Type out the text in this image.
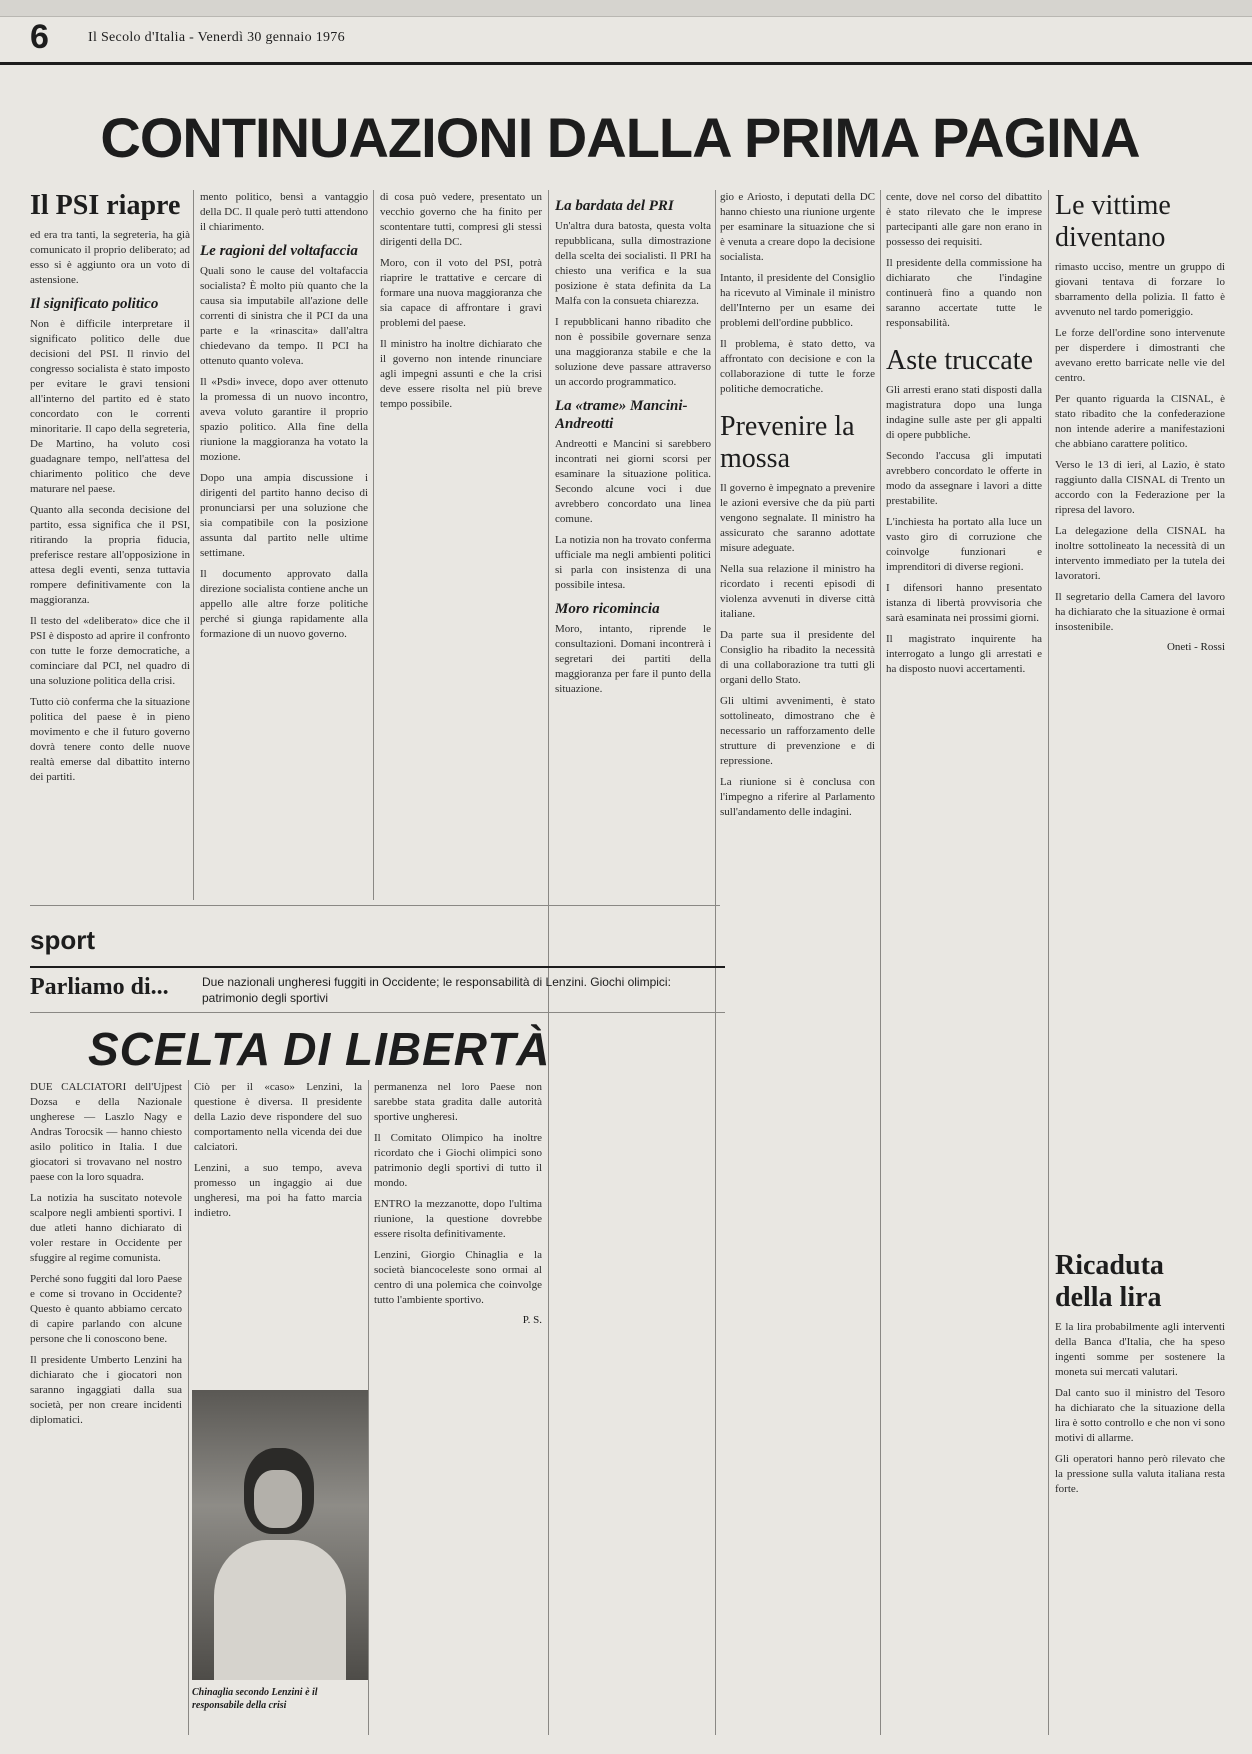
6	Il Secolo d'Italia - Venerdì 30 gennaio 1976
CONTINUAZIONI DALLA PRIMA PAGINA
Il PSI riapre

ed era tra tanti, la segreteria, ha già comunicato il proprio deliberato; ad esso si è aggiunto ora un voto di astensione.

Il significato politico

Non è difficile interpretare il significato politico delle due decisioni del PSI. Il rinvio del congresso socialista è stato imposto per evitare le gravi tensioni all'interno del partito ed è stato concordato con le correnti minoritarie. Il capo della segreteria, De Martino, ha voluto così guadagnare tempo, nell'attesa del chiarimento politico che deve maturare nel paese.

Quanto alla seconda decisione del partito, essa significa che il PSI, ritirando la propria fiducia, preferisce restare all'opposizione in attesa degli eventi, senza tuttavia rompere definitivamente con la maggioranza.

Il testo del «deliberato» dice che il PSI è disposto ad aprire il confronto con tutte le forze democratiche, a cominciare dal PCI, nel quadro di una soluzione politica della crisi.

Tutto ciò conferma che la situazione politica del paese è in pieno movimento e che il futuro governo dovrà tenere conto delle nuove realtà emerse dal dibattito interno dei partiti.

mento politico, bensì a vantaggio della DC. Il quale però tutti attendono il chiarimento.

Le ragioni del voltafaccia

Quali sono le cause del voltafaccia socialista? È molto più quanto che la causa sia imputabile all'azione delle correnti di sinistra che il PCI da una parte e la «rinascita» dall'altra chiedevano da tempo. Il PCI ha ottenuto quanto voleva.

Il «Psdi» invece, dopo aver ottenuto la promessa di un nuovo incontro, aveva voluto garantire il proprio spazio politico. Alla fine della riunione la maggioranza ha votato la mozione.

Dopo una ampia discussione i dirigenti del partito hanno deciso di pronunciarsi per una soluzione che sia compatibile con la posizione assunta dal partito nelle ultime settimane.

Il documento approvato dalla direzione socialista contiene anche un appello alle altre forze politiche perché si giunga rapidamente alla formazione di un nuovo governo.

di cosa può vedere, presentato un vecchio governo che ha finito per scontentare tutti, compresi gli stessi dirigenti della DC.

Moro, con il voto del PSI, potrà riaprire le trattative e cercare di formare una nuova maggioranza che sia capace di affrontare i gravi problemi del paese.

Il ministro ha inoltre dichiarato che il governo non intende rinunciare agli impegni assunti e che la crisi deve essere risolta nel più breve tempo possibile.

La bardata del PRI

Un'altra dura batosta, questa volta repubblicana, sulla dimostrazione della scelta dei socialisti. Il PRI ha chiesto una verifica e la sua posizione è stata definita da La Malfa con la consueta chiarezza.

I repubblicani hanno ribadito che non è possibile governare senza una maggioranza stabile e che la soluzione deve passare attraverso un accordo programmatico.

La «trame» Mancini-Andreotti

Andreotti e Mancini si sarebbero incontrati nei giorni scorsi per esaminare la situazione politica. Secondo alcune voci i due avrebbero concordato una linea comune.

La notizia non ha trovato conferma ufficiale ma negli ambienti politici si parla con insistenza di una possibile intesa.

Moro ricomincia

Moro, intanto, riprende le consultazioni. Domani incontrerà i segretari dei partiti della maggioranza per fare il punto della situazione.

gio e Ariosto, i deputati della DC hanno chiesto una riunione urgente per esaminare la situazione che si è venuta a creare dopo la decisione socialista.

Intanto, il presidente del Consiglio ha ricevuto al Viminale il ministro dell'Interno per un esame dei problemi dell'ordine pubblico.

Il problema, è stato detto, va affrontato con decisione e con la collaborazione di tutte le forze politiche democratiche.

Prevenire la mossa

Il governo è impegnato a prevenire le azioni eversive che da più parti vengono segnalate. Il ministro ha assicurato che saranno adottate misure adeguate.

Nella sua relazione il ministro ha ricordato i recenti episodi di violenza avvenuti in diverse città italiane.

Da parte sua il presidente del Consiglio ha ribadito la necessità di una collaborazione tra tutti gli organi dello Stato.

Gli ultimi avvenimenti, è stato sottolineato, dimostrano che è necessario un rafforzamento delle strutture di prevenzione e di repressione.

La riunione si è conclusa con l'impegno a riferire al Parlamento sull'andamento delle indagini.

cente, dove nel corso del dibattito è stato rilevato che le imprese partecipanti alle gare non erano in possesso dei requisiti.

Il presidente della commissione ha dichiarato che l'indagine continuerà fino a quando non saranno accertate tutte le responsabilità.

Aste truccate

Gli arresti erano stati disposti dalla magistratura dopo una lunga indagine sulle aste per gli appalti di opere pubbliche.

Secondo l'accusa gli imputati avrebbero concordato le offerte in modo da assegnare i lavori a ditte prestabilite.

L'inchiesta ha portato alla luce un vasto giro di corruzione che coinvolge funzionari e imprenditori di diverse regioni.

I difensori hanno presentato istanza di libertà provvisoria che sarà esaminata nei prossimi giorni.

Il magistrato inquirente ha interrogato a lungo gli arrestati e ha disposto nuovi accertamenti.

Le vittime diventano

rimasto ucciso, mentre un gruppo di giovani tentava di forzare lo sbarramento della polizia. Il fatto è avvenuto nel tardo pomeriggio.

Le forze dell'ordine sono intervenute per disperdere i dimostranti che avevano eretto barricate nelle vie del centro.

Per quanto riguarda la CISNAL, è stato ribadito che la confederazione non intende aderire a manifestazioni che abbiano carattere politico.

Verso le 13 di ieri, al Lazio, è stato raggiunto dalla CISNAL di Trento un accordo con la Federazione per la ripresa del lavoro.

La delegazione della CISNAL ha inoltre sottolineato la necessità di un intervento immediato per la tutela dei lavoratori.

Il segretario della Camera del lavoro ha dichiarato che la situazione è ormai insostenibile.

Oneti - Rossi
Ricaduta della lira

E la lira probabilmente agli interventi della Banca d'Italia, che ha speso ingenti somme per sostenere la moneta sui mercati valutari.

Dal canto suo il ministro del Tesoro ha dichiarato che la situazione della lira è sotto controllo e che non vi sono motivi di allarme.

Gli operatori hanno però rilevato che la pressione sulla valuta italiana resta forte.

sport
Parliamo di...	Due nazionali ungheresi fuggiti in Occidente; le responsabilità di Lenzini. Giochi olimpici: patrimonio degli sportivi
SCELTA DI LIBERTÀ

DUE CALCIATORI dell'Ujpest Dozsa e della Nazionale ungherese — Laszlo Nagy e Andras Torocsik — hanno chiesto asilo politico in Italia. I due giocatori si trovavano nel nostro paese con la loro squadra.

La notizia ha suscitato notevole scalpore negli ambienti sportivi. I due atleti hanno dichiarato di voler restare in Occidente per sfuggire al regime comunista.

Perché sono fuggiti dal loro Paese e come si trovano in Occidente? Questo è quanto abbiamo cercato di capire parlando con alcune persone che li conoscono bene.

Il presidente Umberto Lenzini ha dichiarato che i giocatori non saranno ingaggiati dalla sua società, per non creare incidenti diplomatici.

Ciò per il «caso» Lenzini, la questione è diversa. Il presidente della Lazio deve rispondere del suo comportamento nella vicenda dei due calciatori.

Lenzini, a suo tempo, aveva promesso un ingaggio ai due ungheresi, ma poi ha fatto marcia indietro.

Chinaglia secondo Lenzini è il responsabile della crisi

permanenza nel loro Paese non sarebbe stata gradita dalle autorità sportive ungheresi.

Il Comitato Olimpico ha inoltre ricordato che i Giochi olimpici sono patrimonio degli sportivi di tutto il mondo.

ENTRO la mezzanotte, dopo l'ultima riunione, la questione dovrebbe essere risolta definitivamente.

Lenzini, Giorgio Chinaglia e la società biancoceleste sono ormai al centro di una polemica che coinvolge tutto l'ambiente sportivo.

P. S.
